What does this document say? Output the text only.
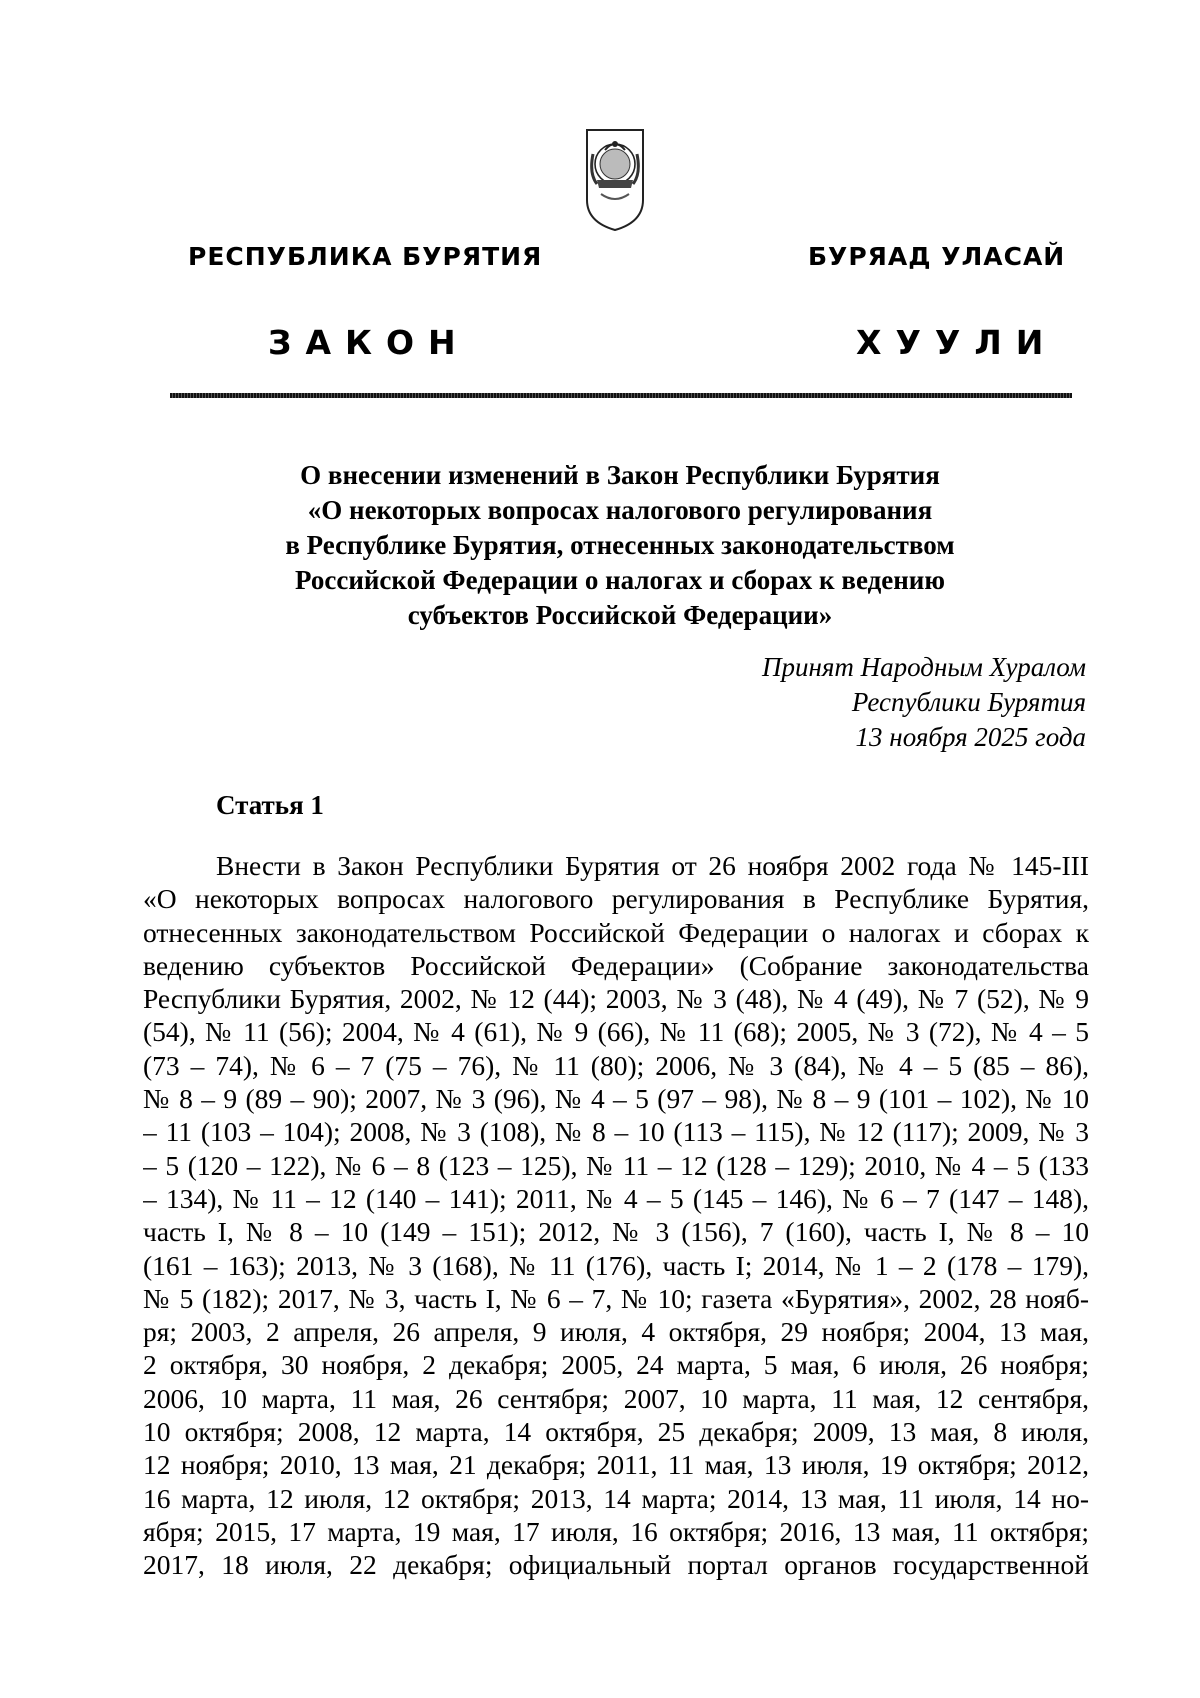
РЕСПУБЛИКА БУРЯТИЯ	БУРЯАД УЛАСАЙ
ЗАКОН	ХУУЛИ
О внесении изменений в Закон Республики Бурятия
«О некоторых вопросах налогового регулирования
в Республике Бурятия, отнесенных законодательством
Российской Федерации о налогах и сборах к ведению
субъектов Российской Федерации»
Принят Народным Хуралом
Республики Бурятия
13 ноября 2025 года
Статья 1
Внести в Закон Республики Бурятия от 26 ноября 2002 года № 145-III
«О некоторых вопросах налогового регулирования в Республике Бурятия,
отнесенных законодательством Российской Федерации о налогах и сборах к
ведению субъектов Российской Федерации» (Собрание законодательства
Республики Бурятия, 2002, № 12 (44); 2003, № 3 (48), № 4 (49), № 7 (52), № 9
(54), № 11 (56); 2004, № 4 (61), № 9 (66), № 11 (68); 2005, № 3 (72), № 4 – 5
(73 – 74), № 6 – 7 (75 – 76), № 11 (80); 2006, № 3 (84), № 4 – 5 (85 – 86),
№ 8 – 9 (89 – 90); 2007, № 3 (96), № 4 – 5 (97 – 98), № 8 – 9 (101 – 102), № 10
– 11 (103 – 104); 2008, № 3 (108), № 8 – 10 (113 – 115), № 12 (117); 2009, № 3
– 5 (120 – 122), № 6 – 8 (123 – 125), № 11 – 12 (128 – 129); 2010, № 4 – 5 (133
– 134), № 11 – 12 (140 – 141); 2011, № 4 – 5 (145 – 146), № 6 – 7 (147 – 148),
часть I, № 8 – 10 (149 – 151); 2012, № 3 (156), 7 (160), часть I, № 8 – 10
(161 – 163); 2013, № 3 (168), № 11 (176), часть I; 2014, № 1 – 2 (178 – 179),
№ 5 (182); 2017, № 3, часть I, № 6 – 7, № 10; газета «Бурятия», 2002, 28 нояб-
ря; 2003, 2 апреля, 26 апреля, 9 июля, 4 октября, 29 ноября; 2004, 13 мая,
2 октября, 30 ноября, 2 декабря; 2005, 24 марта, 5 мая, 6 июля, 26 ноября;
2006, 10 марта, 11 мая, 26 сентября; 2007, 10 марта, 11 мая, 12 сентября,
10 октября; 2008, 12 марта, 14 октября, 25 декабря; 2009, 13 мая, 8 июля,
12 ноября; 2010, 13 мая, 21 декабря; 2011, 11 мая, 13 июля, 19 октября; 2012,
16 марта, 12 июля, 12 октября; 2013, 14 марта; 2014, 13 мая, 11 июля, 14 но-
ября; 2015, 17 марта, 19 мая, 17 июля, 16 октября; 2016, 13 мая, 11 октября;
2017, 18 июля, 22 декабря; официальный портал органов государственной
